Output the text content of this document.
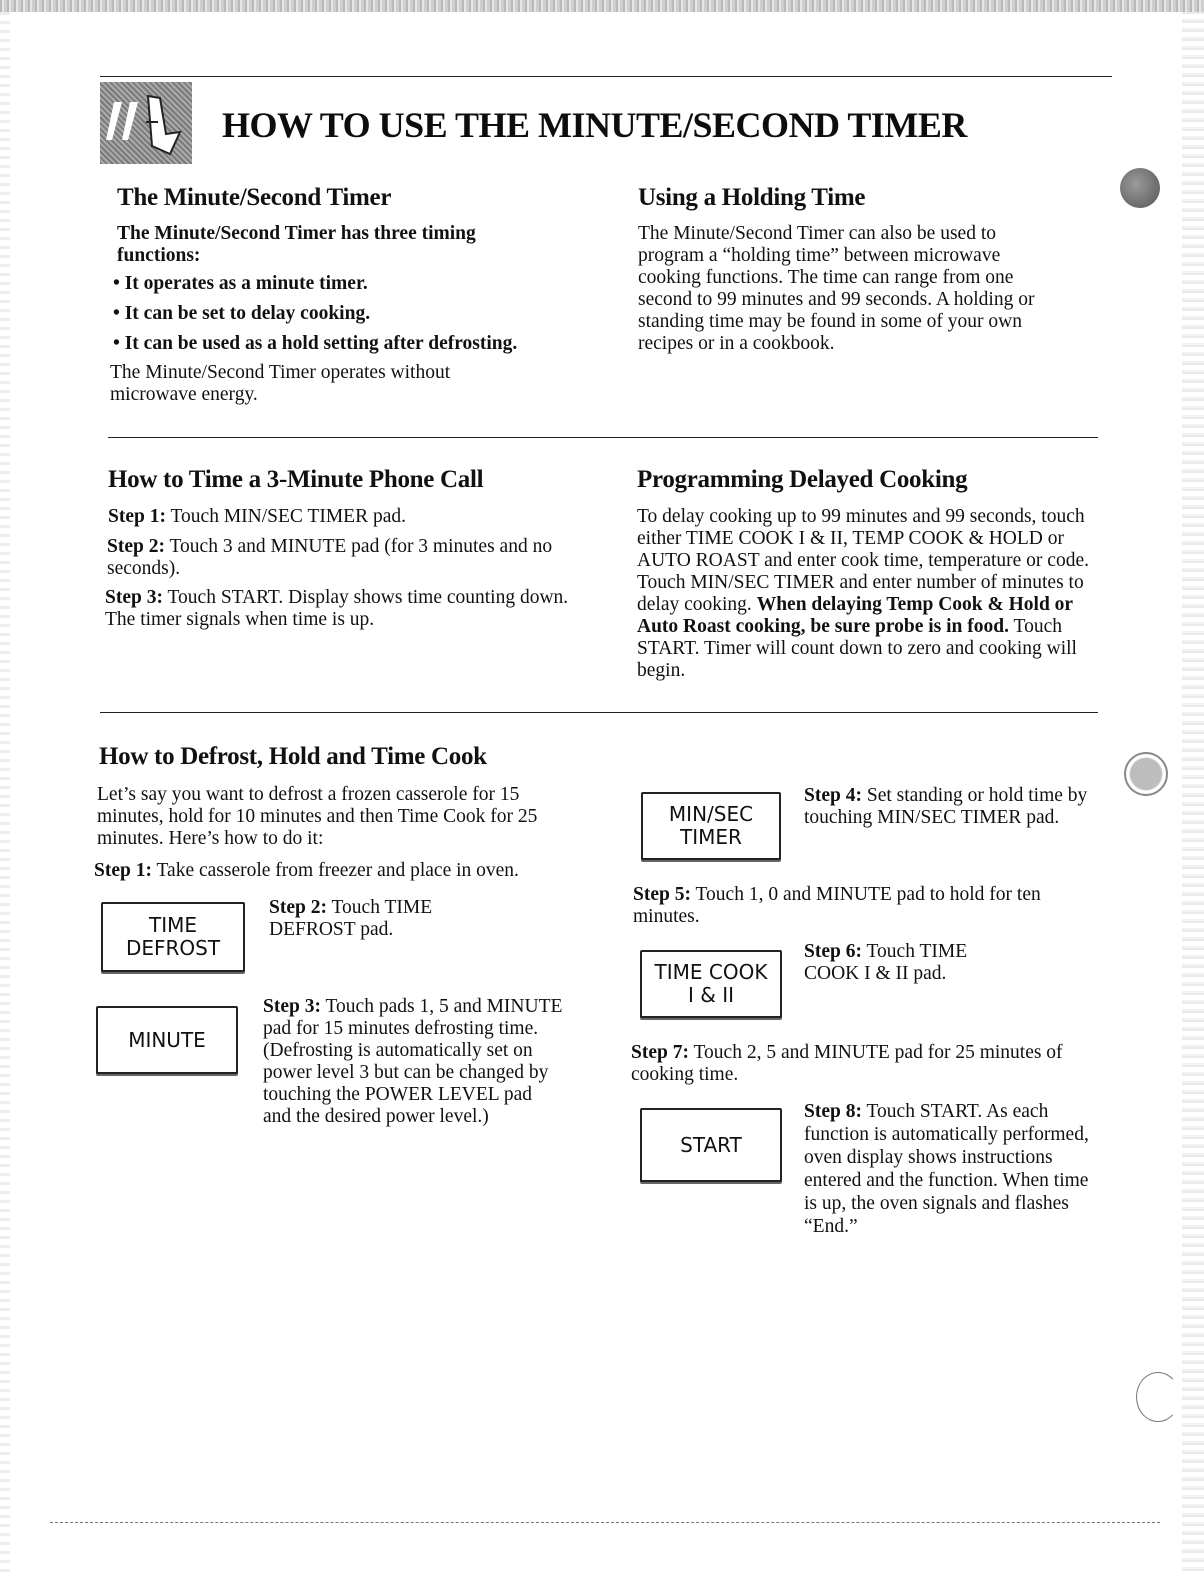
HOW TO USE THE MINUTE/SECOND TIMER
The Minute/Second Timer

The Minute/Second Timer has three timing functions:

• It operates as a minute timer.
• It can be set to delay cooking.
• It can be used as a hold setting after defrosting.

The Minute/Second Timer operates without microwave energy.

Using a Holding Time

The Minute/Second Timer can also be used to program a “holding time” between microwave cooking functions. The time can range from one second to 99 minutes and 99 seconds. A holding or standing time may be found in some of your own recipes or in a cookbook.

How to Time a 3-Minute Phone Call

Step 1: Touch MIN/SEC TIMER pad.

Step 2: Touch 3 and MINUTE pad (for 3 minutes and no seconds).

Step 3: Touch START. Display shows time counting down. The timer signals when time is up.

Programming Delayed Cooking

To delay cooking up to 99 minutes and 99 seconds, touch either TIME COOK I & II, TEMP COOK & HOLD or AUTO ROAST and enter cook time, temperature or code. Touch MIN/SEC TIMER and enter number of minutes to delay cooking. When delaying Temp Cook & Hold or Auto Roast cooking, be sure probe is in food. Touch START. Timer will count down to zero and cooking will begin.

How to Defrost, Hold and Time Cook

Let’s say you want to defrost a frozen casserole for 15 minutes, hold for 10 minutes and then Time Cook for 25 minutes. Here’s how to do it:

Step 1: Take casserole from freezer and place in oven.

TIME
DEFROST

Step 2: Touch TIME DEFROST pad.

MINUTE

Step 3: Touch pads 1, 5 and MINUTE pad for 15 minutes defrosting time. (Defrosting is automatically set on power level 3 but can be changed by touching the POWER LEVEL pad and the desired power level.)

MIN/SEC
TIMER

Step 4: Set standing or hold time by touching MIN/SEC TIMER pad.

Step 5: Touch 1, 0 and MINUTE pad to hold for ten minutes.

TIME COOK
I & II

Step 6: Touch TIME COOK I & II pad.

Step 7: Touch 2, 5 and MINUTE pad for 25 minutes of cooking time.

START

Step 8: Touch START. As each function is automatically performed, oven display shows instructions entered and the function. When time is up, the oven signals and flashes “End.”
